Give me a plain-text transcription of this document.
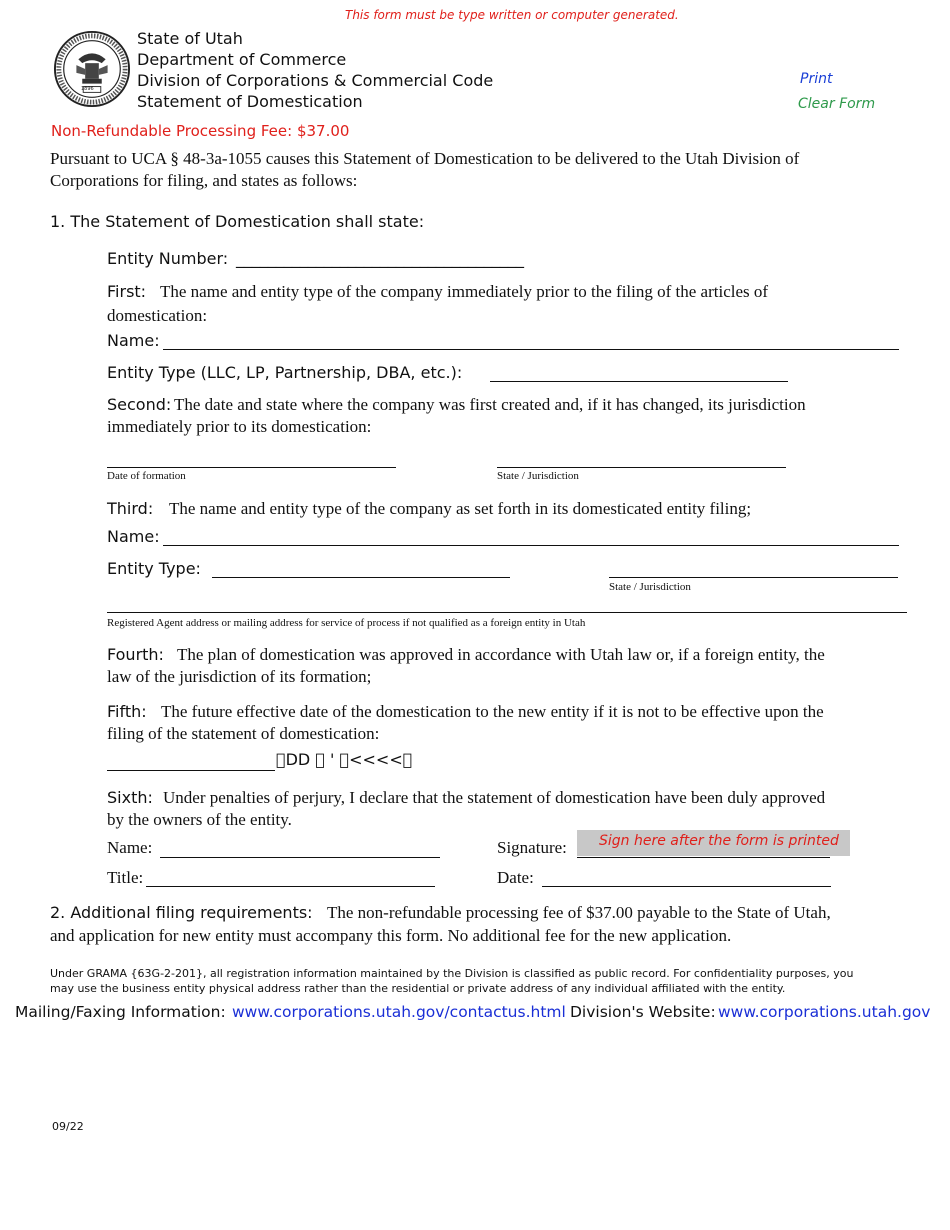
This form must be type written or computer generated.
1896
State of Utah
Department of Commerce
Division of Corporations & Commercial Code
Statement of Domestication
Print
Clear Form
Non-Refundable Processing Fee: $37.00
Pursuant to UCA § 48-3a-1055 causes this Statement of Domestication to be delivered to the Utah Division of
Corporations for filing, and states as follows:
1. The Statement of Domestication shall state:
Entity Number: ____________________________________
First: The name and entity type of the company immediately prior to the filing of the articles of
domestication:
Name:
Entity Type (LLC, LP, Partnership, DBA, etc.):
Second: The date and state where the company was first created and, if it has changed, its jurisdiction
immediately prior to its domestication:
Date of formation	State / Jurisdiction
Third: The name and entity type of the company as set forth in its domesticated entity filing;
Name:
Entity Type:
State / Jurisdiction
Registered Agent address or mailing address for service of process if not qualified as a foreign entity in Utah
Fourth: The plan of domestication was approved in accordance with Utah law or, if a foreign entity, the
law of the jurisdiction of its formation;
Fifth: The future effective date of the domestication to the new entity if it is not to be effective upon the
filing of the statement of domestication:
DD ' <<<<
Sixth: Under penalties of perjury, I declare that the statement of domestication have been duly approved
by the owners of the entity.
Name:
Title:
Signature: Sign here after the form is printed
Date:
2. Additional filing requirements: The non-refundable processing fee of $37.00 payable to the State of Utah,
and application for new entity must accompany this form. No additional fee for the new application.
Under GRAMA {63G-2-201}, all registration information maintained by the Division is classified as public record. For confidentiality purposes, you
may use the business entity physical address rather than the residential or private address of any individual affiliated with the entity.
Mailing/Faxing Information: www.corporations.utah.gov/contactus.html Division's Website: www.corporations.utah.gov
09/22
